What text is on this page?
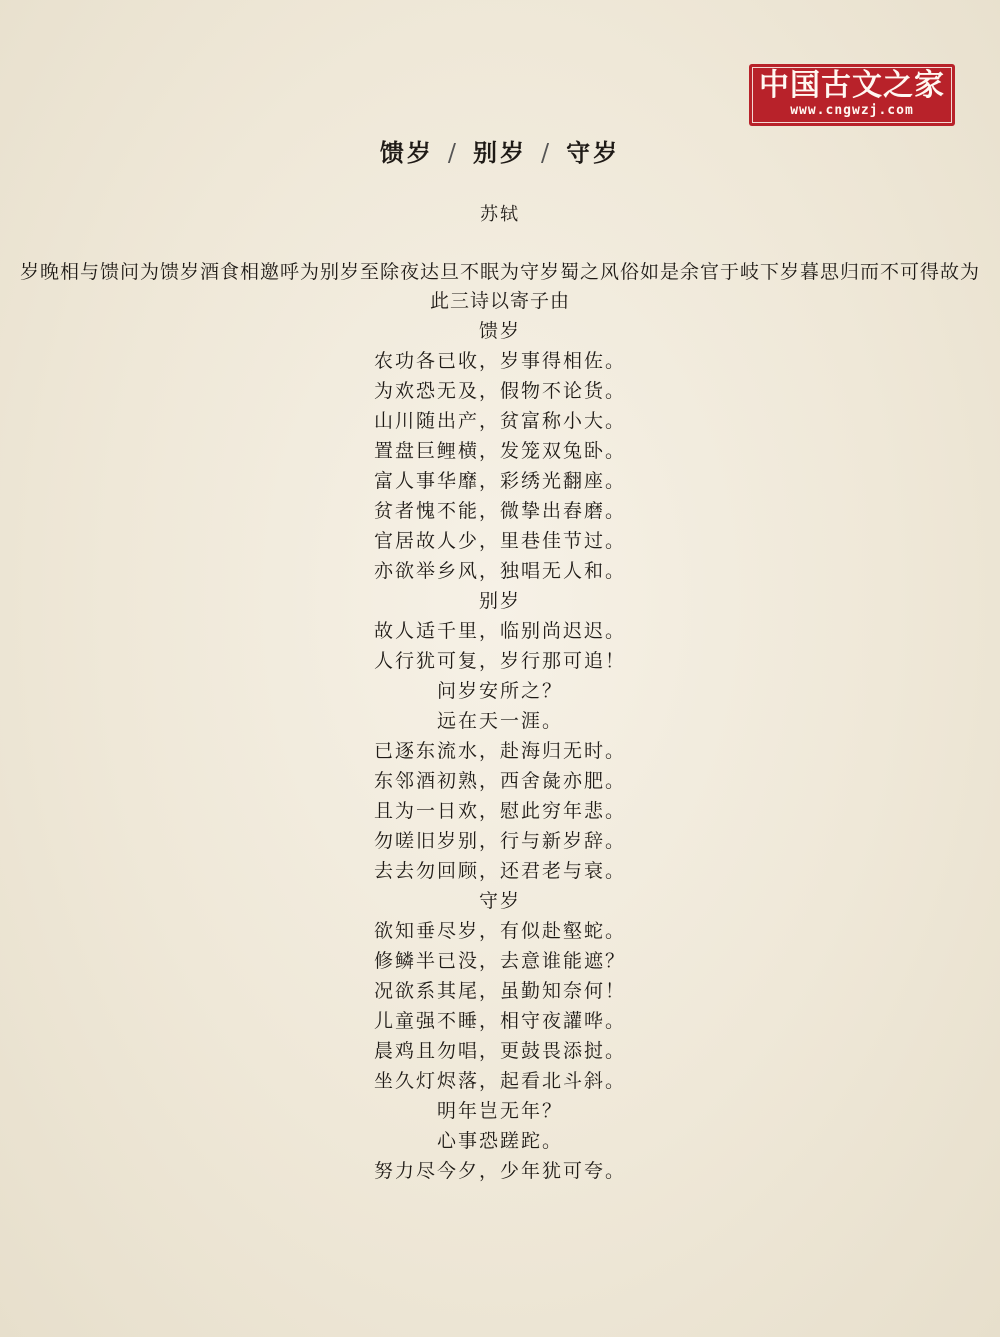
中国古文之家
www.cngwzj.com
馈岁 / 别岁 / 守岁
苏轼
岁晚相与馈问为馈岁酒食相邀呼为别岁至除夜达旦不眠为守岁蜀之风俗如是余官于岐下岁暮思归而不可得故为此三诗以寄子由
馈岁
农功各已收，岁事得相佐。
为欢恐无及，假物不论货。
山川随出产，贫富称小大。
置盘巨鲤横，发笼双兔卧。
富人事华靡，彩绣光翻座。
贫者愧不能，微挚出舂磨。
官居故人少，里巷佳节过。
亦欲举乡风，独唱无人和。
别岁
故人适千里，临别尚迟迟。
人行犹可复，岁行那可追！
问岁安所之？
远在天一涯。
已逐东流水，赴海归无时。
东邻酒初熟，西舍彘亦肥。
且为一日欢，慰此穷年悲。
勿嗟旧岁别，行与新岁辞。
去去勿回顾，还君老与衰。
守岁
欲知垂尽岁，有似赴壑蛇。
修鳞半已没，去意谁能遮？
况欲系其尾，虽勤知奈何！
儿童强不睡，相守夜讙哗。
晨鸡且勿唱，更鼓畏添挝。
坐久灯烬落，起看北斗斜。
明年岂无年？
心事恐蹉跎。
努力尽今夕，少年犹可夸。
